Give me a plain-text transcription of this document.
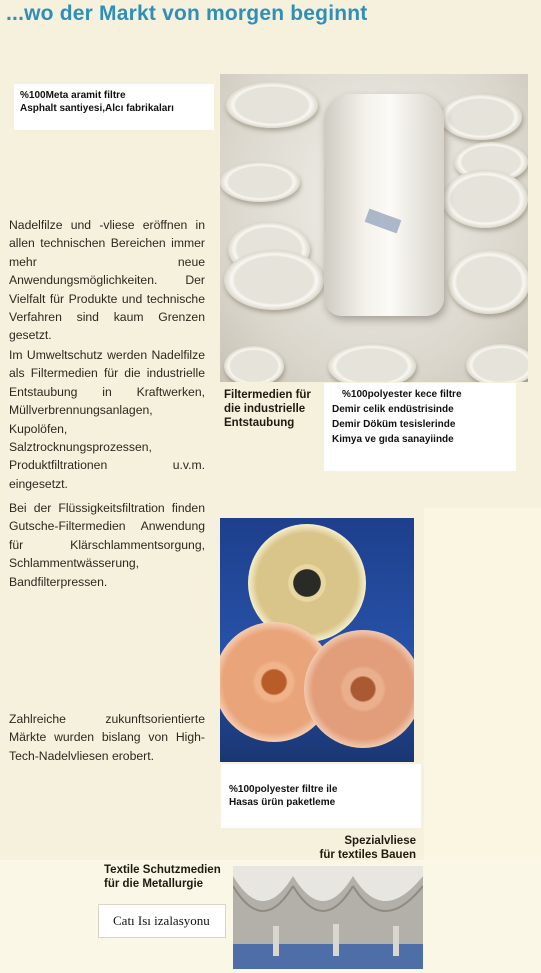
...wo der Markt von morgen beginnt
%100Meta aramit filtre
Asphalt santiyesi,Alcı fabrikaları
Nadelfilze und -vliese eröffnen in allen technischen Bereichen immer mehr neue Anwendungsmöglichkeiten. Der Vielfalt für Produkte und technische Verfahren sind kaum Grenzen gesetzt.
Im Umweltschutz werden Nadelfilze als Filtermedien für die industrielle Entstaubung in Kraftwerken, Müllverbrennungsanlagen, Kupolöfen, Salztrocknungsprozessen, Produktfiltrationen u.v.m. eingesetzt.
Filtermedien für
die industrielle
Entstaubung
%100polyester kece filtre
Demir celik endüstrisinde
Demir Döküm tesislerinde
Kimya ve gıda sanayiinde
Bei der Flüssigkeitsfiltration finden Gutsche-Filtermedien Anwendung für Klärschlammentsorgung, Schlammentwässerung, Bandfilterpressen.
Zahlreiche zukunftsorientierte Märkte wurden bislang von High-Tech-Nadelvliesen erobert.
%100polyester filtre ile
Hasas ürün paketleme
Spezialvliese
für textiles Bauen
Textile Schutzmedien
für die Metallurgie
Catı Isı izalasyonu
